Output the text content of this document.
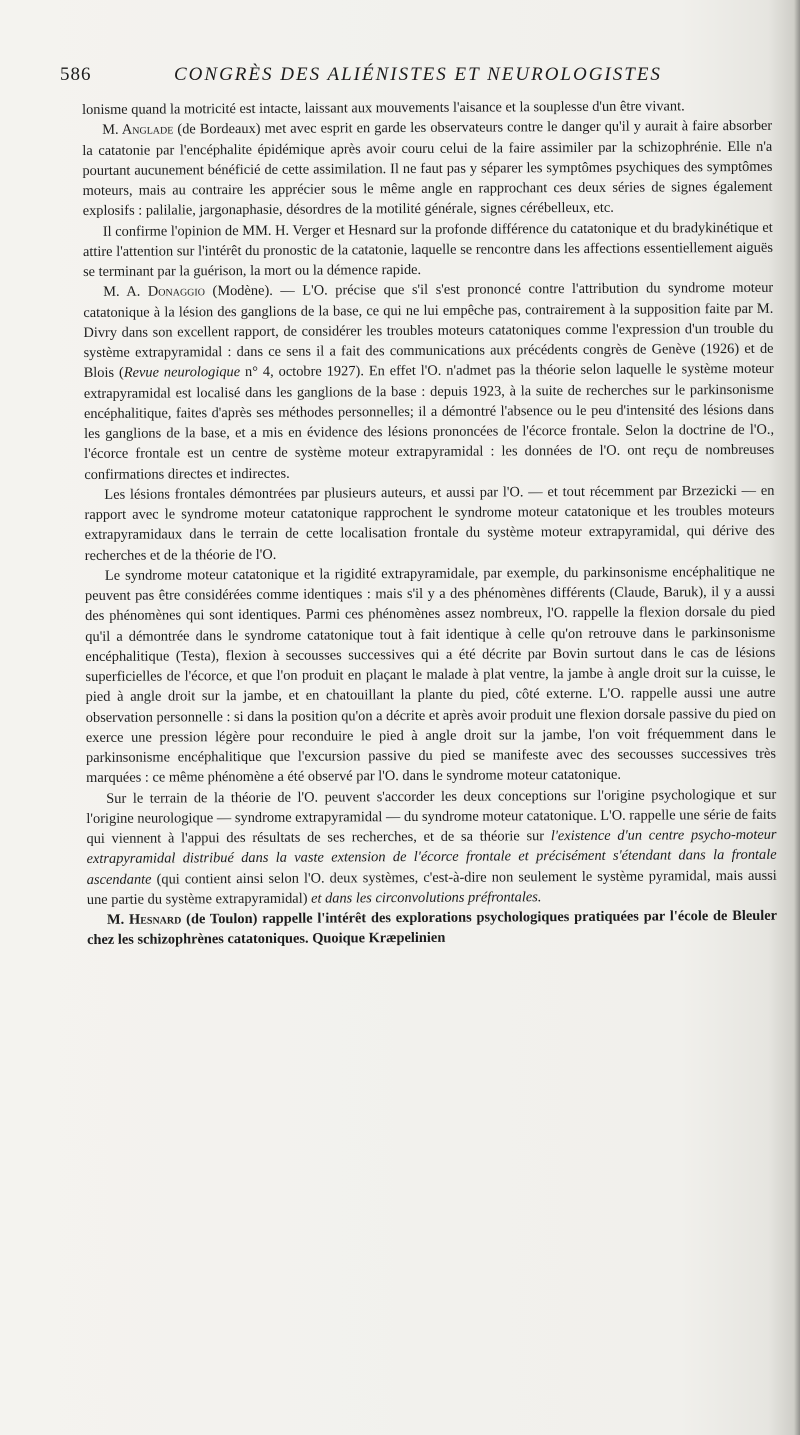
586	CONGRÈS DES ALIÉNISTES ET NEUROLOGISTES

lonisme quand la motricité est intacte, laissant aux mouvements l'aisance et la souplesse d'un être vivant.

M. Anglade (de Bordeaux) met avec esprit en garde les observateurs contre le danger qu'il y aurait à faire absorber la catatonie par l'encéphalite épidémique après avoir couru celui de la faire assimiler par la schizophrénie. Elle n'a pourtant aucunement bénéficié de cette assimilation. Il ne faut pas y séparer les symptômes psychiques des symptômes moteurs, mais au contraire les apprécier sous le même angle en rapprochant ces deux séries de signes également explosifs : palilalie, jargonaphasie, désordres de la motilité générale, signes cérébelleux, etc.

Il confirme l'opinion de MM. H. Verger et Hesnard sur la profonde différence du catatonique et du bradykinétique et attire l'attention sur l'intérêt du pronostic de la catatonie, laquelle se rencontre dans les affections essentiellement aiguës se terminant par la guérison, la mort ou la démence rapide.

M. A. Donaggio (Modène). — L'O. précise que s'il s'est prononcé contre l'attribution du syndrome moteur catatonique à la lésion des ganglions de la base, ce qui ne lui empêche pas, contrairement à la supposition faite par M. Divry dans son excellent rapport, de considérer les troubles moteurs catatoniques comme l'expression d'un trouble du système extrapyramidal : dans ce sens il a fait des communications aux précédents congrès de Genève (1926) et de Blois (Revue neurologique n° 4, octobre 1927). En effet l'O. n'admet pas la théorie selon laquelle le système moteur extrapyramidal est localisé dans les ganglions de la base : depuis 1923, à la suite de recherches sur le parkinsonisme encéphalitique, faites d'après ses méthodes personnelles; il a démontré l'absence ou le peu d'intensité des lésions dans les ganglions de la base, et a mis en évidence des lésions prononcées de l'écorce frontale. Selon la doctrine de l'O., l'écorce frontale est un centre de système moteur extrapyramidal : les données de l'O. ont reçu de nombreuses confirmations directes et indirectes.

Les lésions frontales démontrées par plusieurs auteurs, et aussi par l'O. — et tout récemment par Brzezicki — en rapport avec le syndrome moteur catatonique rapprochent le syndrome moteur catatonique et les troubles moteurs extrapyramidaux dans le terrain de cette localisation frontale du système moteur extrapyramidal, qui dérive des recherches et de la théorie de l'O.

Le syndrome moteur catatonique et la rigidité extrapyramidale, par exemple, du parkinsonisme encéphalitique ne peuvent pas être considérées comme identiques : mais s'il y a des phénomènes différents (Claude, Baruk), il y a aussi des phénomènes qui sont identiques. Parmi ces phénomènes assez nombreux, l'O. rappelle la flexion dorsale du pied qu'il a démontrée dans le syndrome catatonique tout à fait identique à celle qu'on retrouve dans le parkinsonisme encéphalitique (Testa), flexion à secousses successives qui a été décrite par Bovin surtout dans le cas de lésions superficielles de l'écorce, et que l'on produit en plaçant le malade à plat ventre, la jambe à angle droit sur la cuisse, le pied à angle droit sur la jambe, et en chatouillant la plante du pied, côté externe. L'O. rappelle aussi une autre observation personnelle : si dans la position qu'on a décrite et après avoir produit une flexion dorsale passive du pied on exerce une pression légère pour reconduire le pied à angle droit sur la jambe, l'on voit fréquemment dans le parkinsonisme encéphalitique que l'excursion passive du pied se manifeste avec des secousses successives très marquées : ce même phénomène a été observé par l'O. dans le syndrome moteur catatonique.

Sur le terrain de la théorie de l'O. peuvent s'accorder les deux conceptions sur l'origine psychologique et sur l'origine neurologique — syndrome extrapyramidal — du syndrome moteur catatonique. L'O. rappelle une série de faits qui viennent à l'appui des résultats de ses recherches, et de sa théorie sur l'existence d'un centre psycho-moteur extrapyramidal distribué dans la vaste extension de l'écorce frontale et précisément s'étendant dans la frontale ascendante (qui contient ainsi selon l'O. deux systèmes, c'est-à-dire non seulement le système pyramidal, mais aussi une partie du système extrapyramidal) et dans les circonvolutions préfrontales.

M. Hesnard (de Toulon) rappelle l'intérêt des explorations psychologiques pratiquées par l'école de Bleuler chez les schizophrènes catatoniques. Quoique Kræpelinien
